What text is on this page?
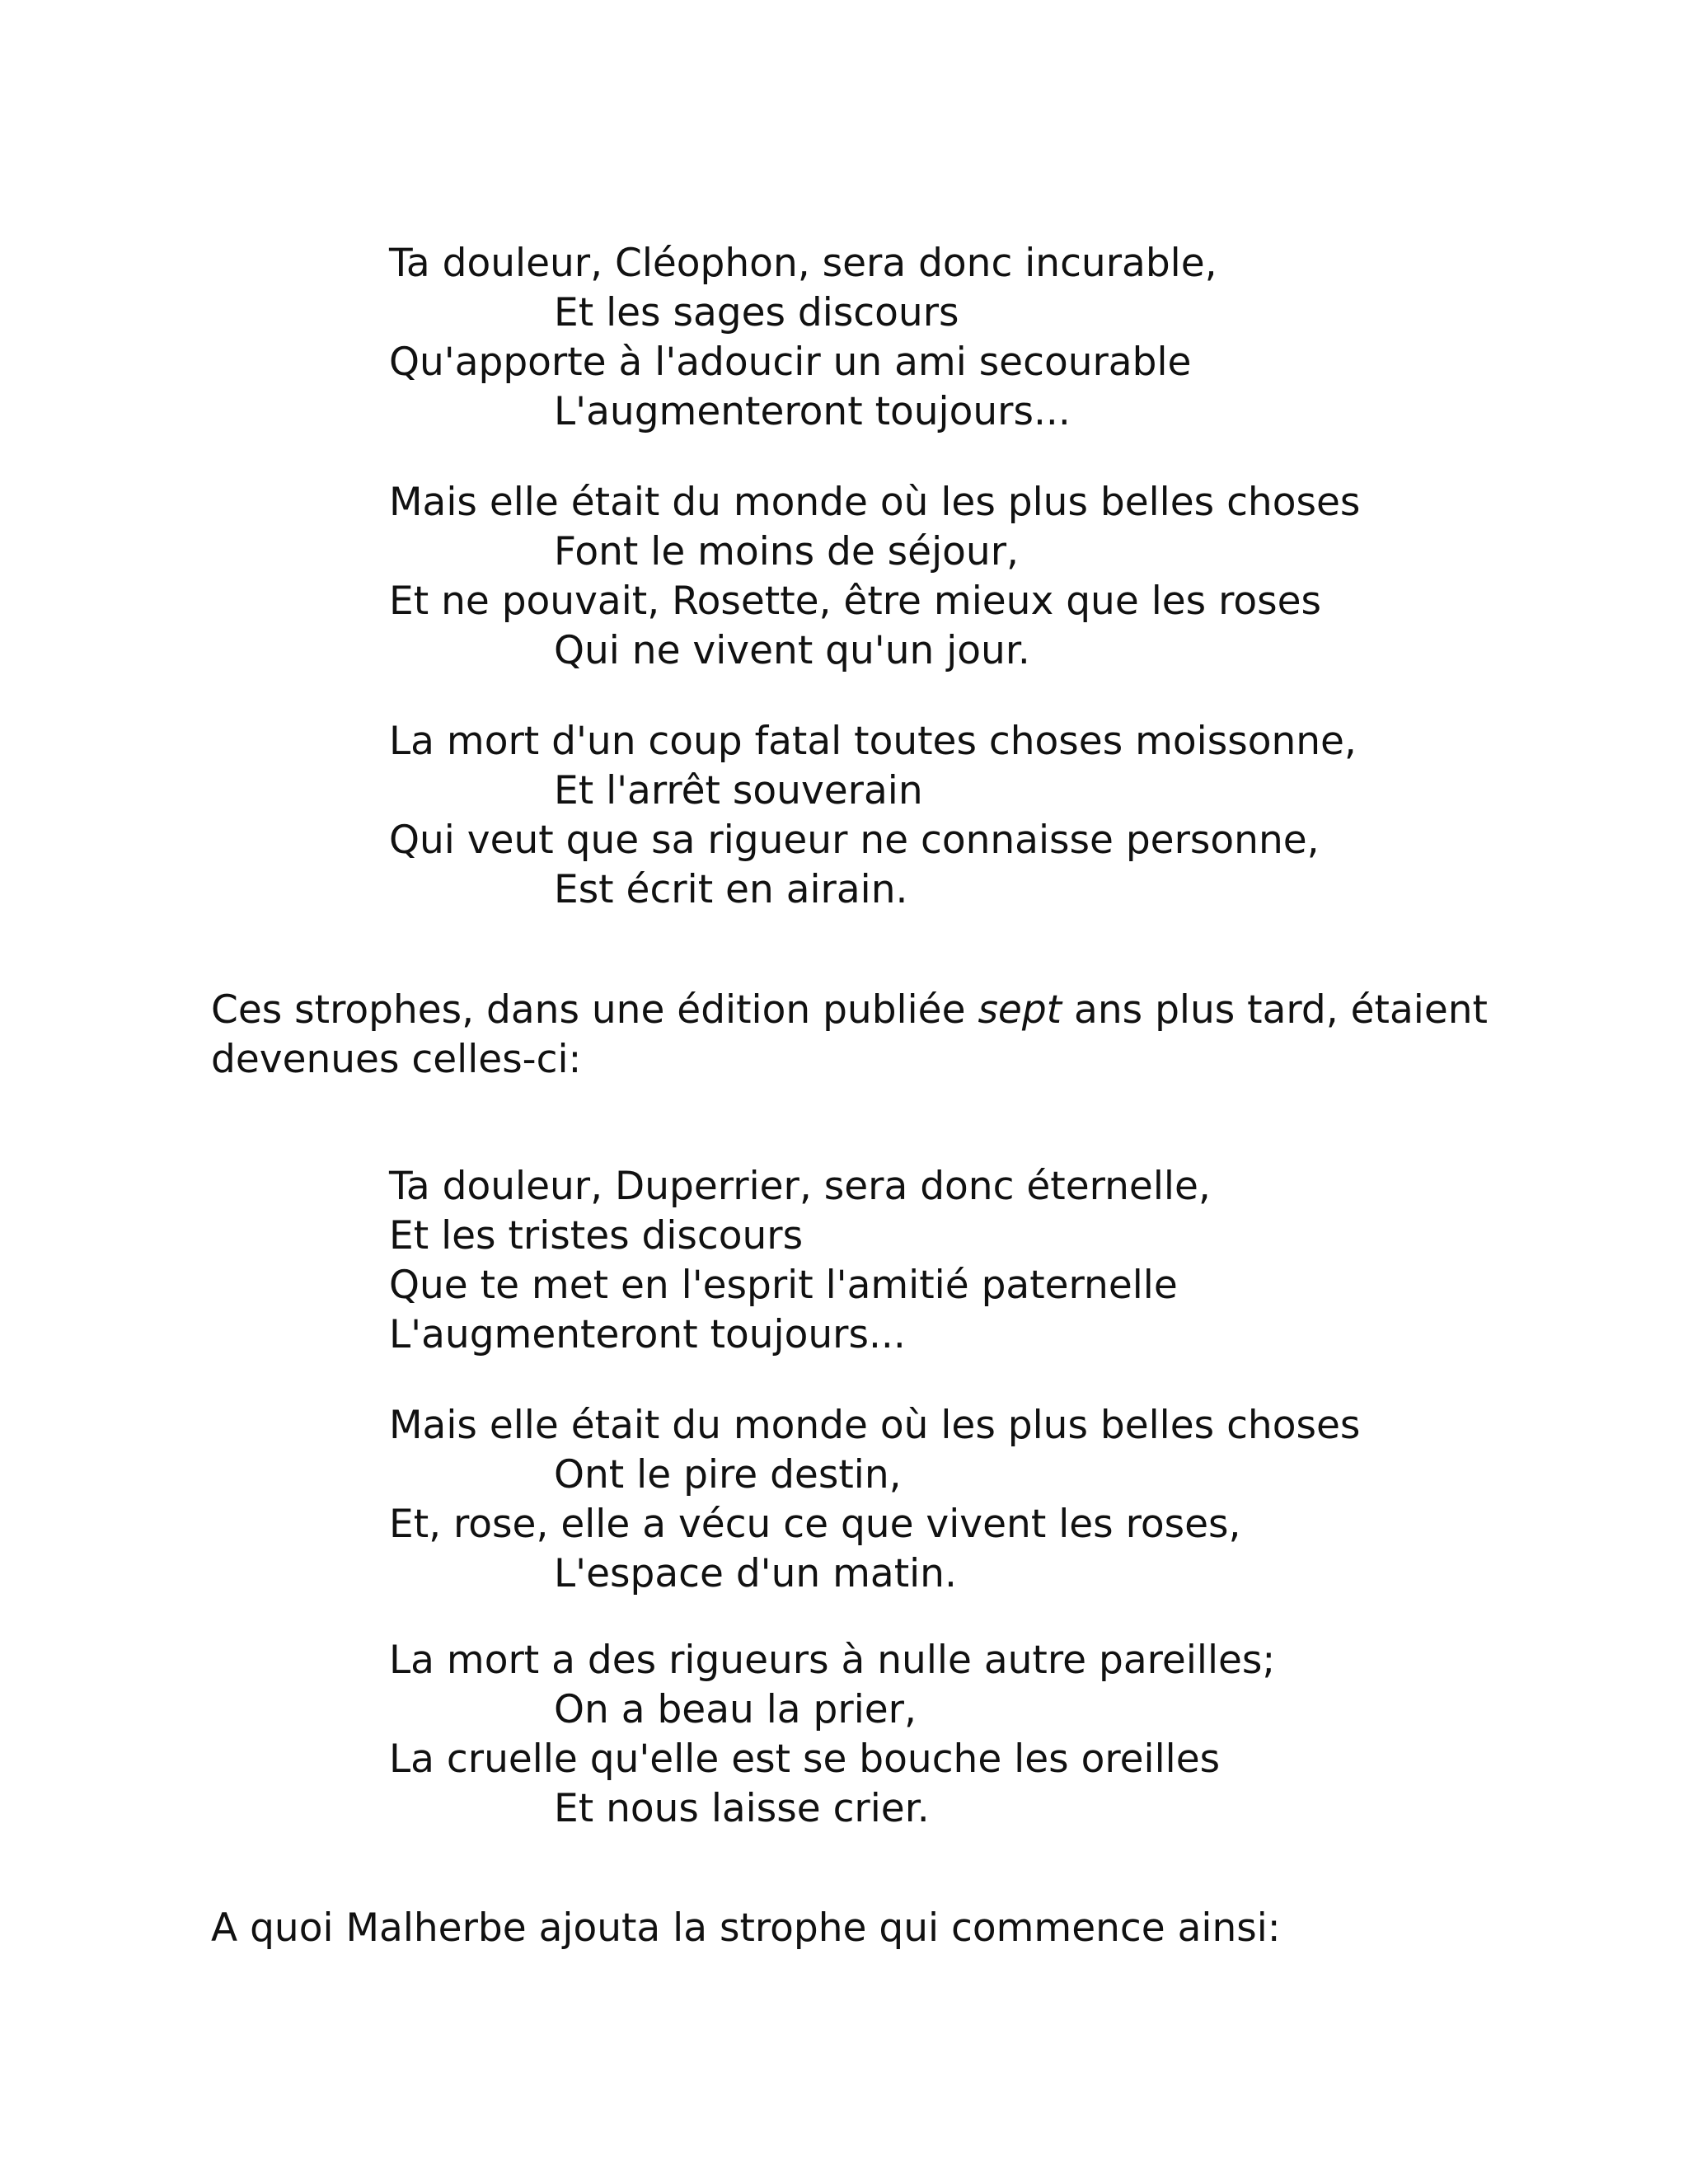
Ta douleur, Cléophon, sera donc incurable,
Et les sages discours
Qu'apporte à l'adoucir un ami secourable
L'augmenteront toujours...
Mais elle était du monde où les plus belles choses
Font le moins de séjour,
Et ne pouvait, Rosette, être mieux que les roses
Qui ne vivent qu'un jour.
La mort d'un coup fatal toutes choses moissonne,
Et l'arrêt souverain
Qui veut que sa rigueur ne connaisse personne,
Est écrit en airain.
Ces strophes, dans une édition publiée sept ans plus tard, étaient
devenues celles-ci:
Ta douleur, Duperrier, sera donc éternelle,
Et les tristes discours
Que te met en l'esprit l'amitié paternelle
L'augmenteront toujours...
Mais elle était du monde où les plus belles choses
Ont le pire destin,
Et, rose, elle a vécu ce que vivent les roses,
L'espace d'un matin.
La mort a des rigueurs à nulle autre pareilles;
On a beau la prier,
La cruelle qu'elle est se bouche les oreilles
Et nous laisse crier.
A quoi Malherbe ajouta la strophe qui commence ainsi:
